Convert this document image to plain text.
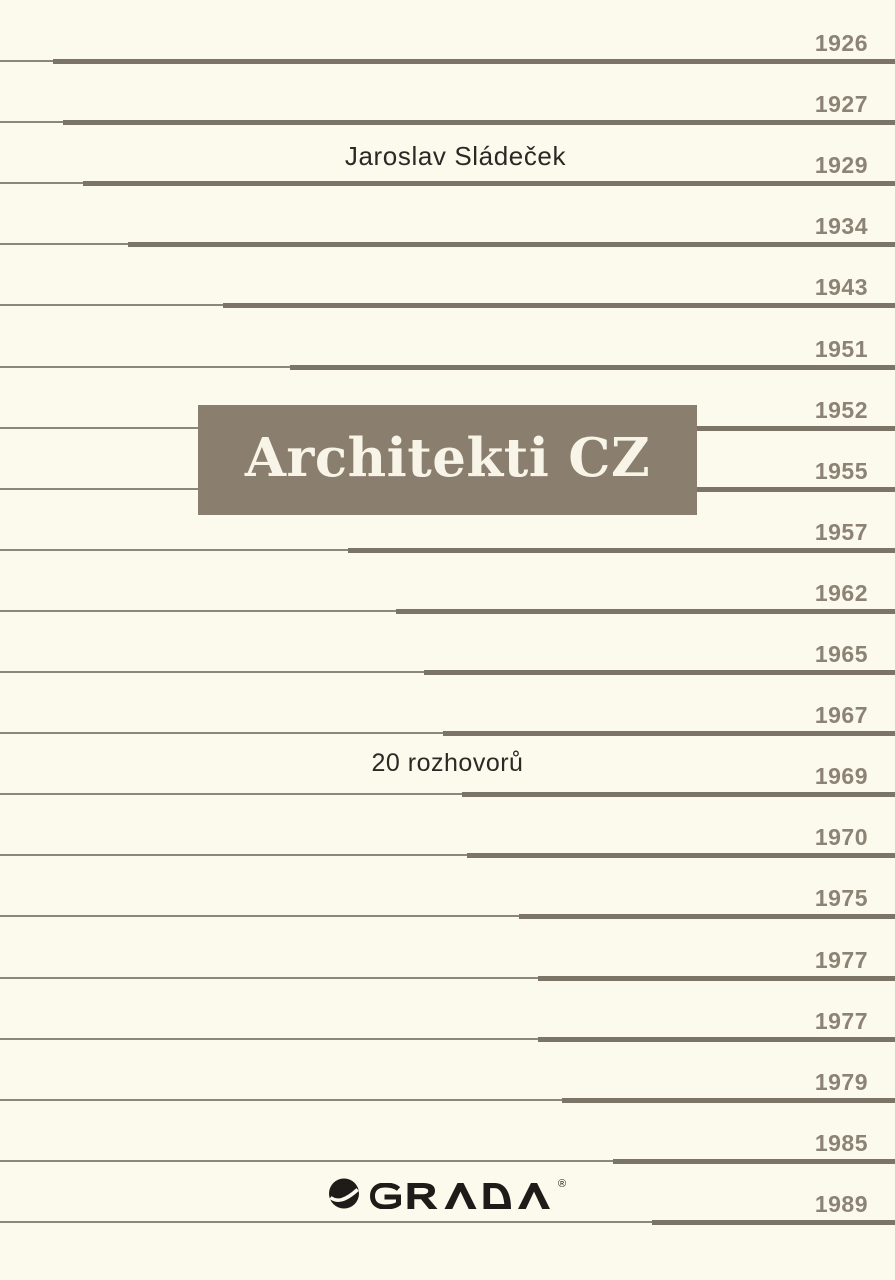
1926
1927
1929
1934
1943
1951
1952
1955
1957
1962
1965
1967
1969
1970
1975
1977
1977
1979
1985
1989
Jaroslav Sládeček
Architekti CZ
20 rozhovorů
®
